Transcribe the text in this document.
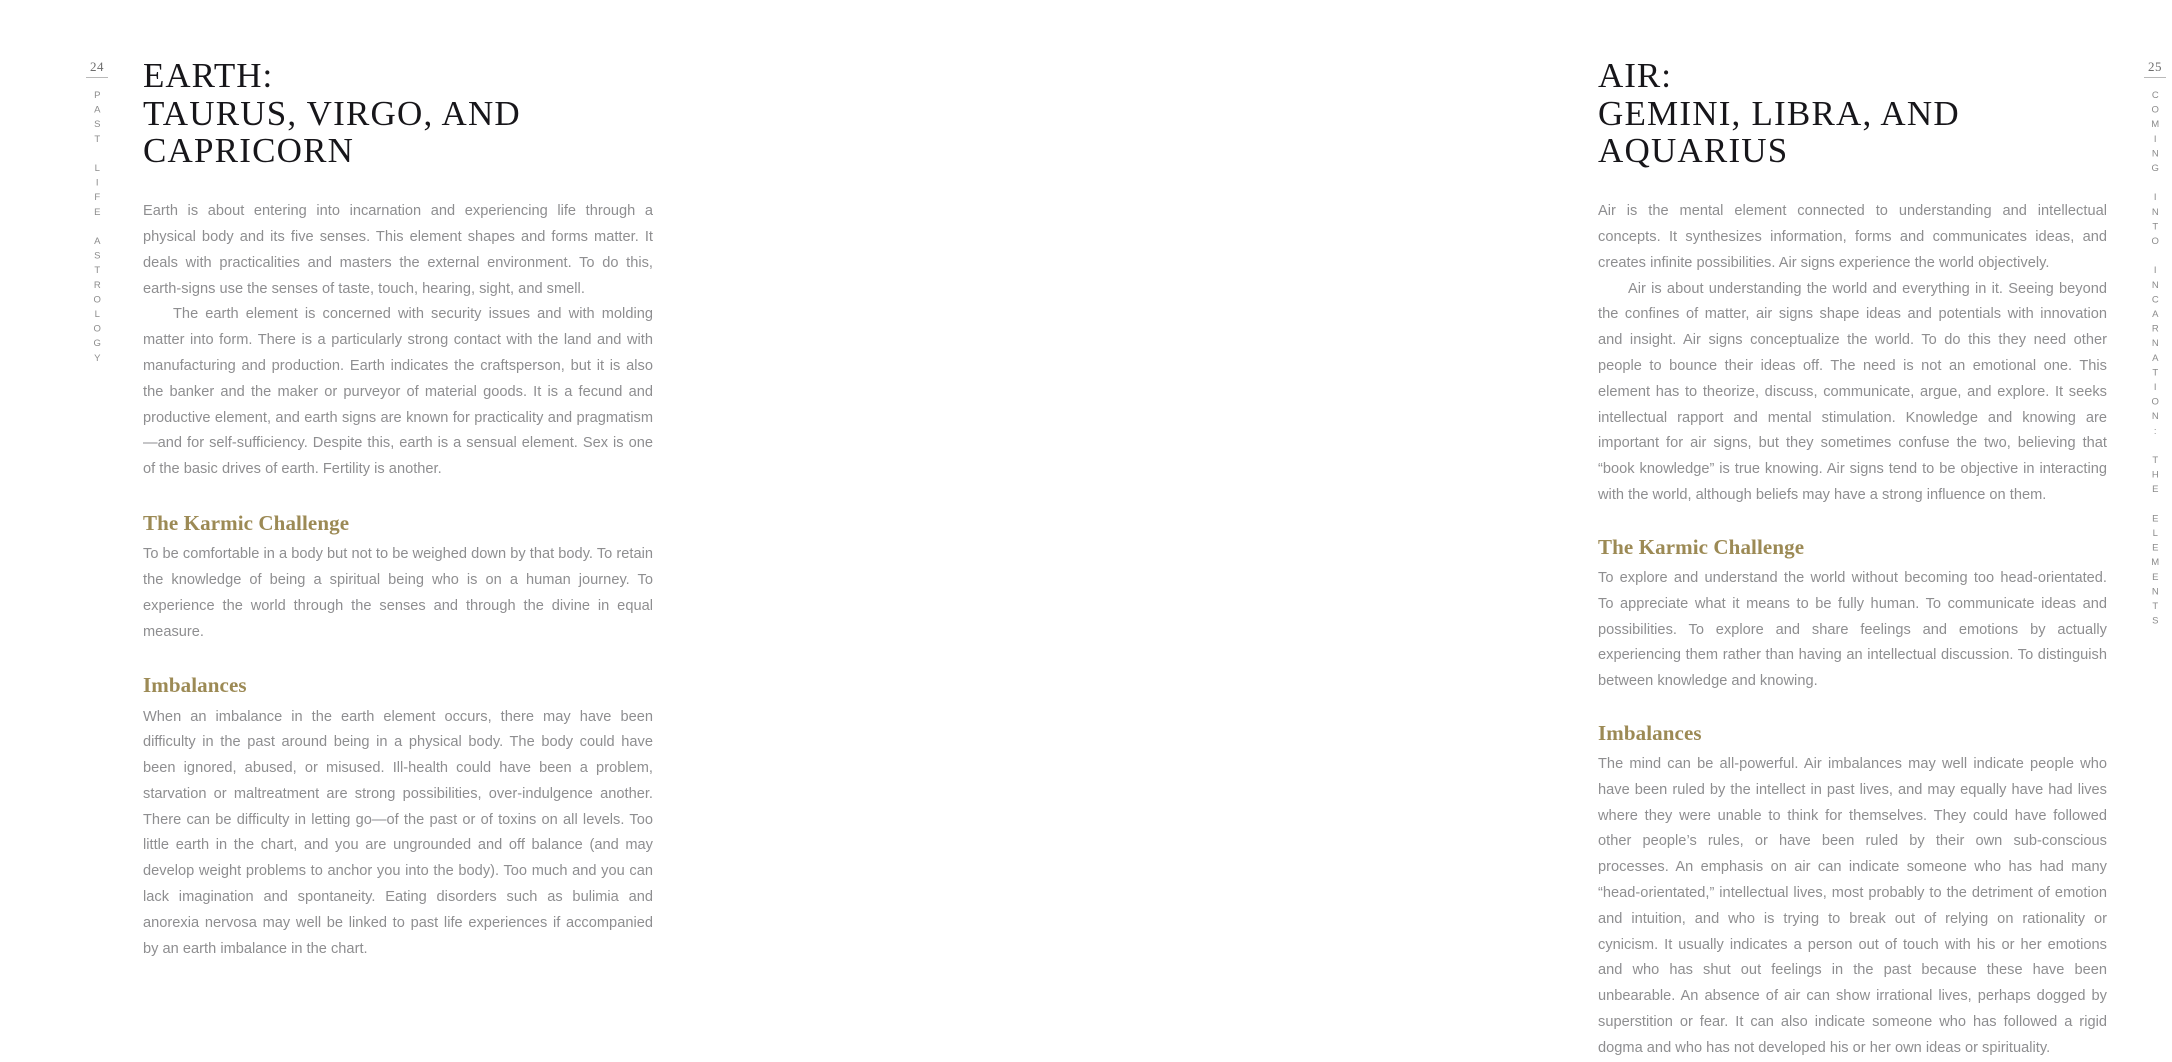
24
PAST LIFE ASTROLOGY
EARTH:
TAURUS, VIRGO, AND CAPRICORN

Earth is about entering into incarnation and experiencing life through a physical body and its five senses. This element shapes and forms matter. It deals with practicalities and masters the external environment. To do this, earth-signs use the senses of taste, touch, hearing, sight, and smell.

The earth element is concerned with security issues and with molding matter into form. There is a particularly strong contact with the land and with manufacturing and production. Earth indicates the craftsperson, but it is also the banker and the maker or purveyor of material goods. It is a fecund and productive element, and earth signs are known for practicality and pragmatism—and for self-sufficiency. Despite this, earth is a sensual element. Sex is one of the basic drives of earth. Fertility is another.

The Karmic Challenge

To be comfortable in a body but not to be weighed down by that body. To retain the knowledge of being a spiritual being who is on a human journey. To experience the world through the senses and through the divine in equal measure.

Imbalances

When an imbalance in the earth element occurs, there may have been difficulty in the past around being in a physical body. The body could have been ignored, abused, or misused. Ill-health could have been a problem, starvation or maltreatment are strong possibilities, over-indulgence another. There can be difficulty in letting go—of the past or of toxins on all levels. Too little earth in the chart, and you are ungrounded and off balance (and may develop weight problems to anchor you into the body). Too much and you can lack imagination and spontaneity. Eating disorders such as bulimia and anorexia nervosa may well be linked to past life experiences if accompanied by an earth imbalance in the chart.

25
COMING INTO INCARNATION: THE ELEMENTS
AIR:
GEMINI, LIBRA, AND AQUARIUS

Air is the mental element connected to understanding and intellectual concepts. It synthesizes information, forms and communicates ideas, and creates infinite possibilities. Air signs experience the world objectively.

Air is about understanding the world and everything in it. Seeing beyond the confines of matter, air signs shape ideas and potentials with innovation and insight. Air signs conceptualize the world. To do this they need other people to bounce their ideas off. The need is not an emotional one. This element has to theorize, discuss, communicate, argue, and explore. It seeks intellectual rapport and mental stimulation. Knowledge and knowing are important for air signs, but they sometimes confuse the two, believing that “book knowledge” is true knowing. Air signs tend to be objective in interacting with the world, although beliefs may have a strong influence on them.

The Karmic Challenge

To explore and understand the world without becoming too head-orientated. To appreciate what it means to be fully human. To communicate ideas and possibilities. To explore and share feelings and emotions by actually experiencing them rather than having an intellectual discussion. To distinguish between knowledge and knowing.

Imbalances

The mind can be all-powerful. Air imbalances may well indicate people who have been ruled by the intellect in past lives, and may equally have had lives where they were unable to think for themselves. They could have followed other people’s rules, or have been ruled by their own sub-conscious processes. An emphasis on air can indicate someone who has had many “head-orientated,” intellectual lives, most probably to the detriment of emotion and intuition, and who is trying to break out of relying on rationality or cynicism. It usually indicates a person out of touch with his or her emotions and who has shut out feelings in the past because these have been unbearable. An absence of air can show irrational lives, perhaps dogged by superstition or fear. It can also indicate someone who has followed a rigid dogma and who has not developed his or her own ideas or spirituality.
